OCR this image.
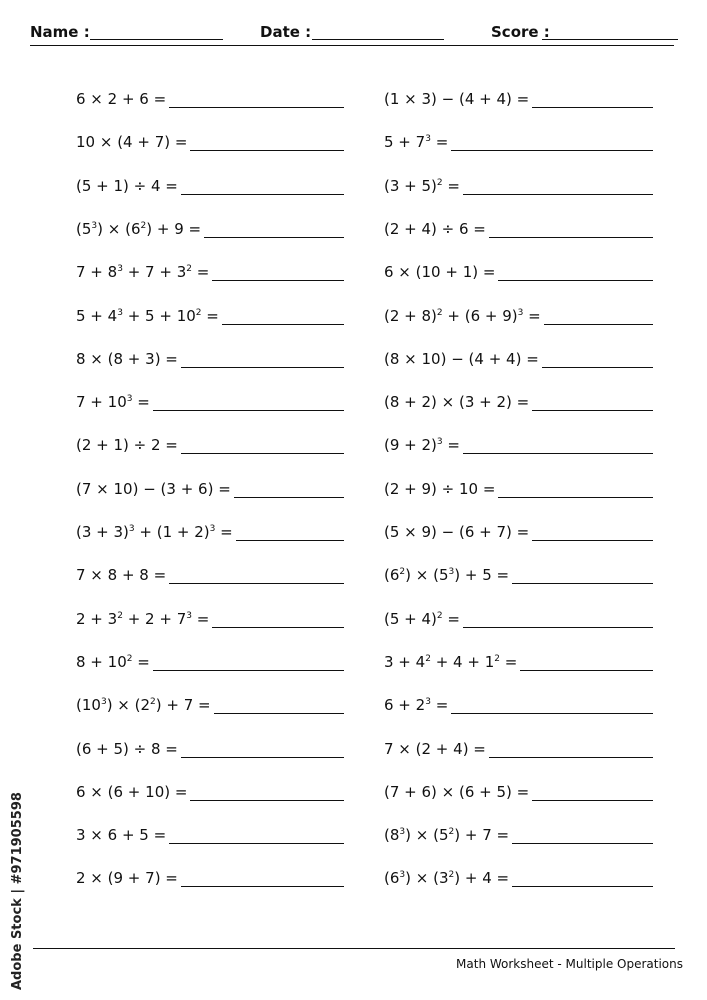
Name :	Date :	Score :
6 × 2 + 6 =
10 × (4 + 7) =
(5 + 1) ÷ 4 =
$(5^3) \times (6^2) + 9$ =
$7 + 8^3 + 7 + 3^2$ =
$5 + 4^3 + 5 + 10^2$ =
8 × (8 + 3) =
$7 + 10^3$ =
(2 + 1) ÷ 2 =
(7 × 10) − (3 + 6) =
$(3 + 3)^3 + (1 + 2)^3$ =
7 × 8 + 8 =
$2 + 3^2 + 2 + 7^3$ =
$8 + 10^2$ =
$(10^3) \times (2^2) + 7$ =
(6 + 5) ÷ 8 =
6 × (6 + 10) =
3 × 6 + 5 =
2 × (9 + 7) =
(1 × 3) − (4 + 4) =
$5 + 7^3$ =
$(3 + 5)^2$ =
(2 + 4) ÷ 6 =
6 × (10 + 1) =
$(2 + 8)^2 + (6 + 9)^3$ =
(8 × 10) − (4 + 4) =
(8 + 2) × (3 + 2) =
$(9 + 2)^3$ =
(2 + 9) ÷ 10 =
(5 × 9) − (6 + 7) =
$(6^2) \times (5^3) + 5$ =
$(5 + 4)^2$ =
$3 + 4^2 + 4 + 1^2$ =
$6 + 2^3$ =
7 × (2 + 4) =
(7 + 6) × (6 + 5) =
$(8^3) \times (5^2) + 7$ =
$(6^3) \times (3^2) + 4$ =
Math Worksheet - Multiple Operations
Adobe Stock | #971905598
